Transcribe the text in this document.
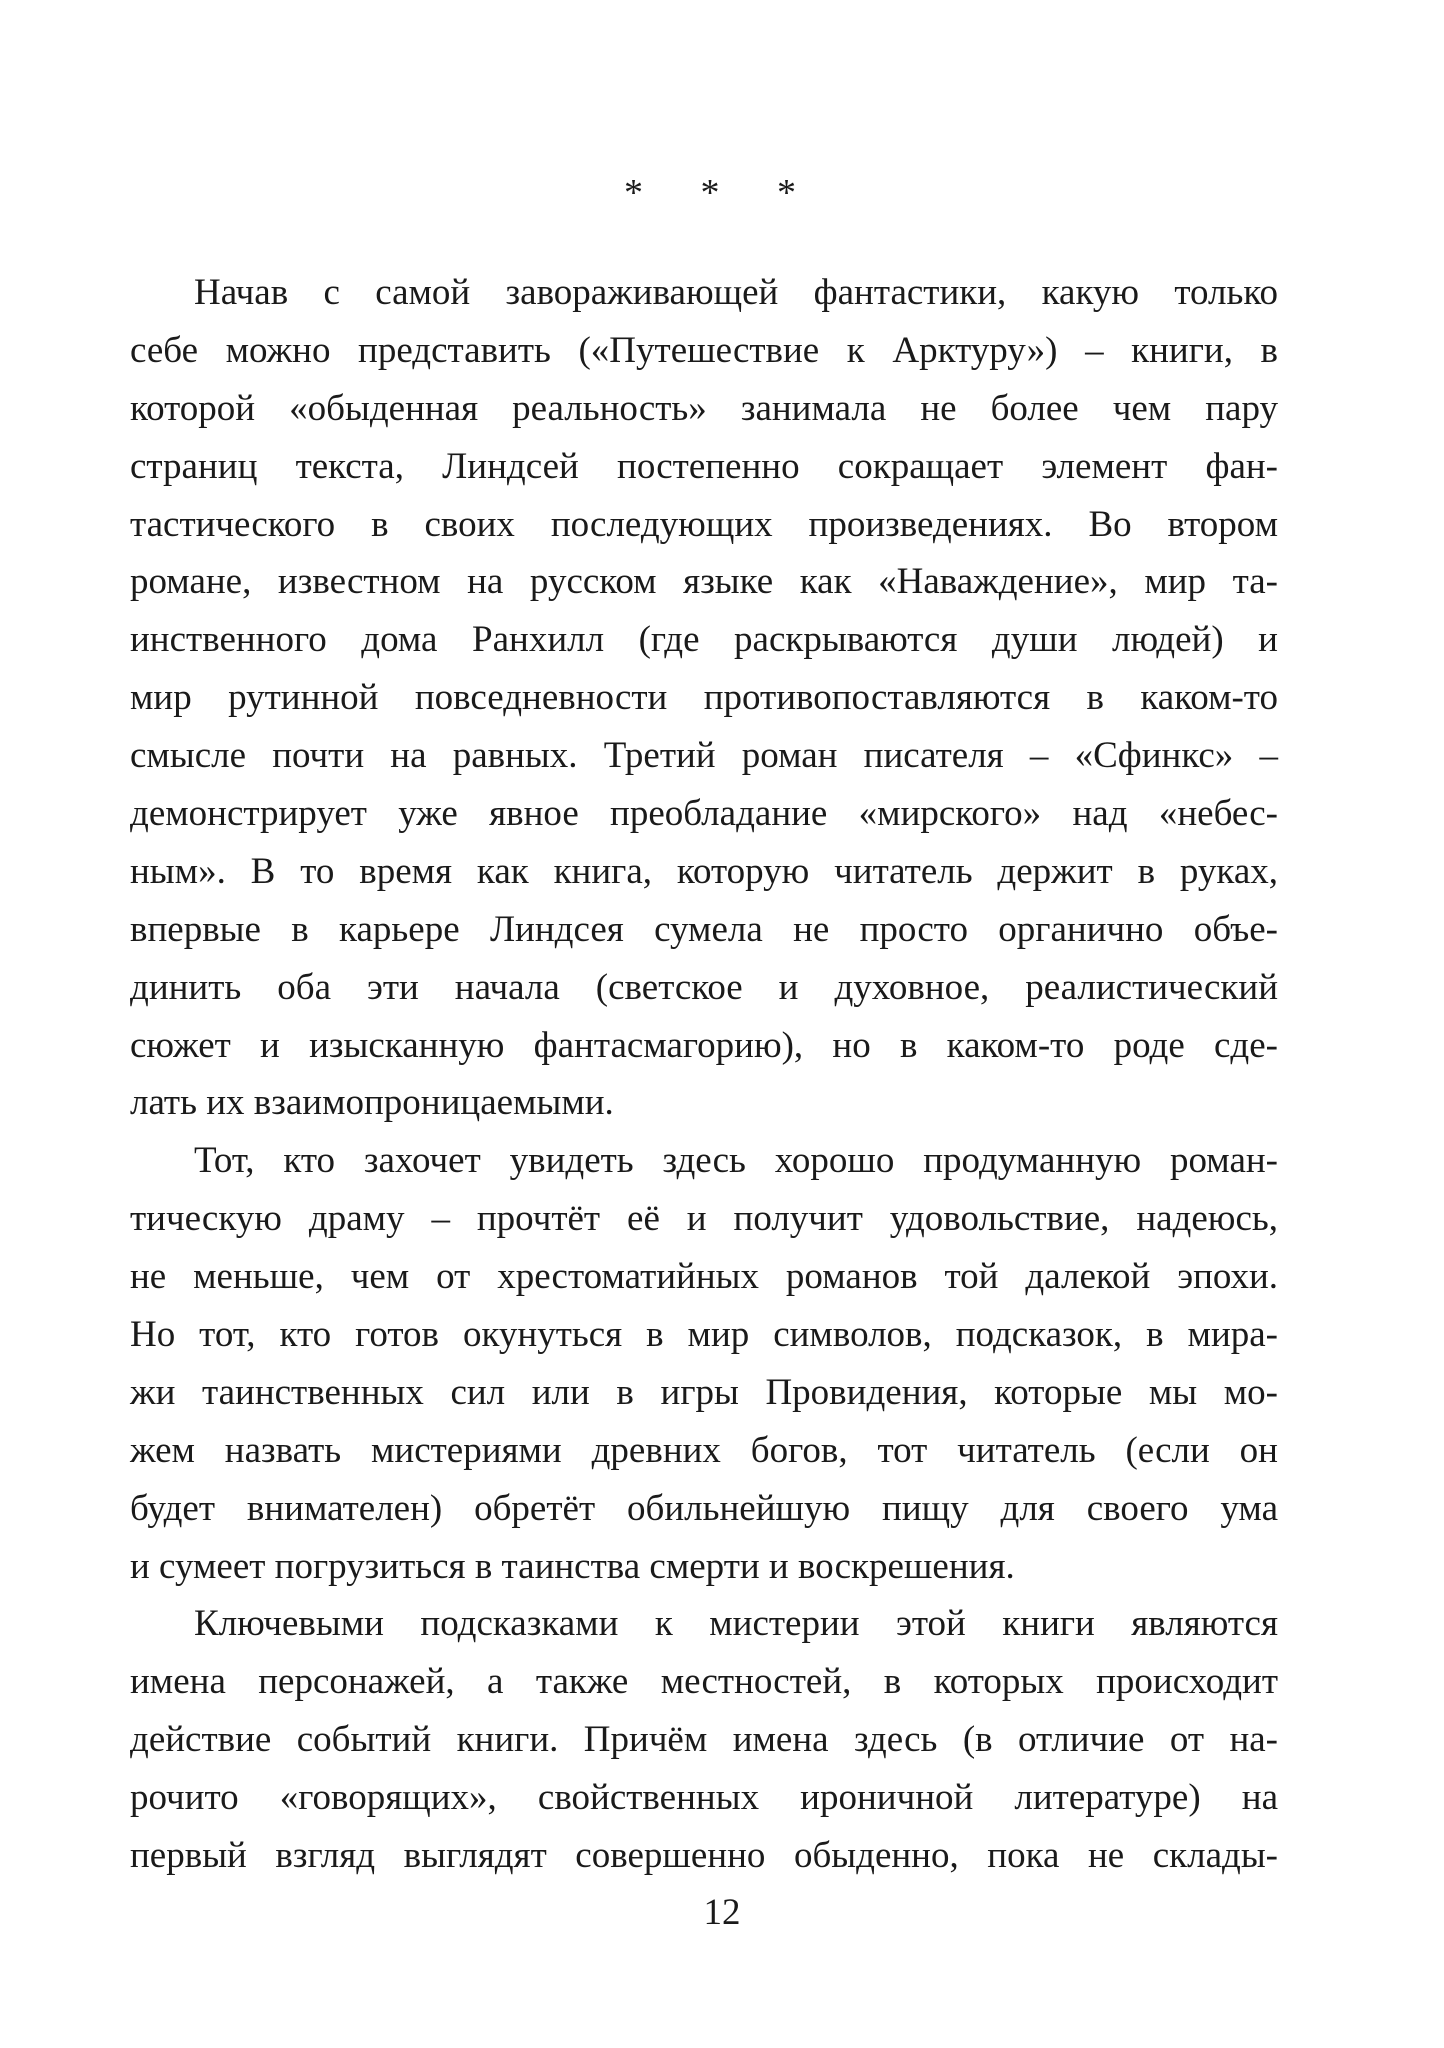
* * *
Начав с самой завораживающей фантастики, какую только
себе можно представить («Путешествие к Арктуру») – книги, в
которой «обыденная реальность» занимала не более чем пару
страниц текста, Линдсей постепенно сокращает элемент фан-
тастического в своих последующих произведениях. Во втором
романе, известном на русском языке как «Наваждение», мир та-
инственного дома Ранхилл (где раскрываются души людей) и
мир рутинной повседневности противопоставляются в каком-то
смысле почти на равных. Третий роман писателя – «Сфинкс» –
демонстрирует уже явное преобладание «мирского» над «небес-
ным». В то время как книга, которую читатель держит в руках,
впервые в карьере Линдсея сумела не просто органично объе-
динить оба эти начала (светское и духовное, реалистический
сюжет и изысканную фантасмагорию), но в каком-то роде сде-
лать их взаимопроницаемыми.
Тот, кто захочет увидеть здесь хорошо продуманную роман-
тическую драму – прочтёт её и получит удовольствие, надеюсь,
не меньше, чем от хрестоматийных романов той далекой эпохи.
Но тот, кто готов окунуться в мир символов, подсказок, в мира-
жи таинственных сил или в игры Провидения, которые мы мо-
жем назвать мистериями древних богов, тот читатель (если он
будет внимателен) обретёт обильнейшую пищу для своего ума
и сумеет погрузиться в таинства смерти и воскрешения.
Ключевыми подсказками к мистерии этой книги являются
имена персонажей, а также местностей, в которых происходит
действие событий книги. Причём имена здесь (в отличие от на-
рочито «говорящих», свойственных ироничной литературе) на
первый взгляд выглядят совершенно обыденно, пока не склады-
12
